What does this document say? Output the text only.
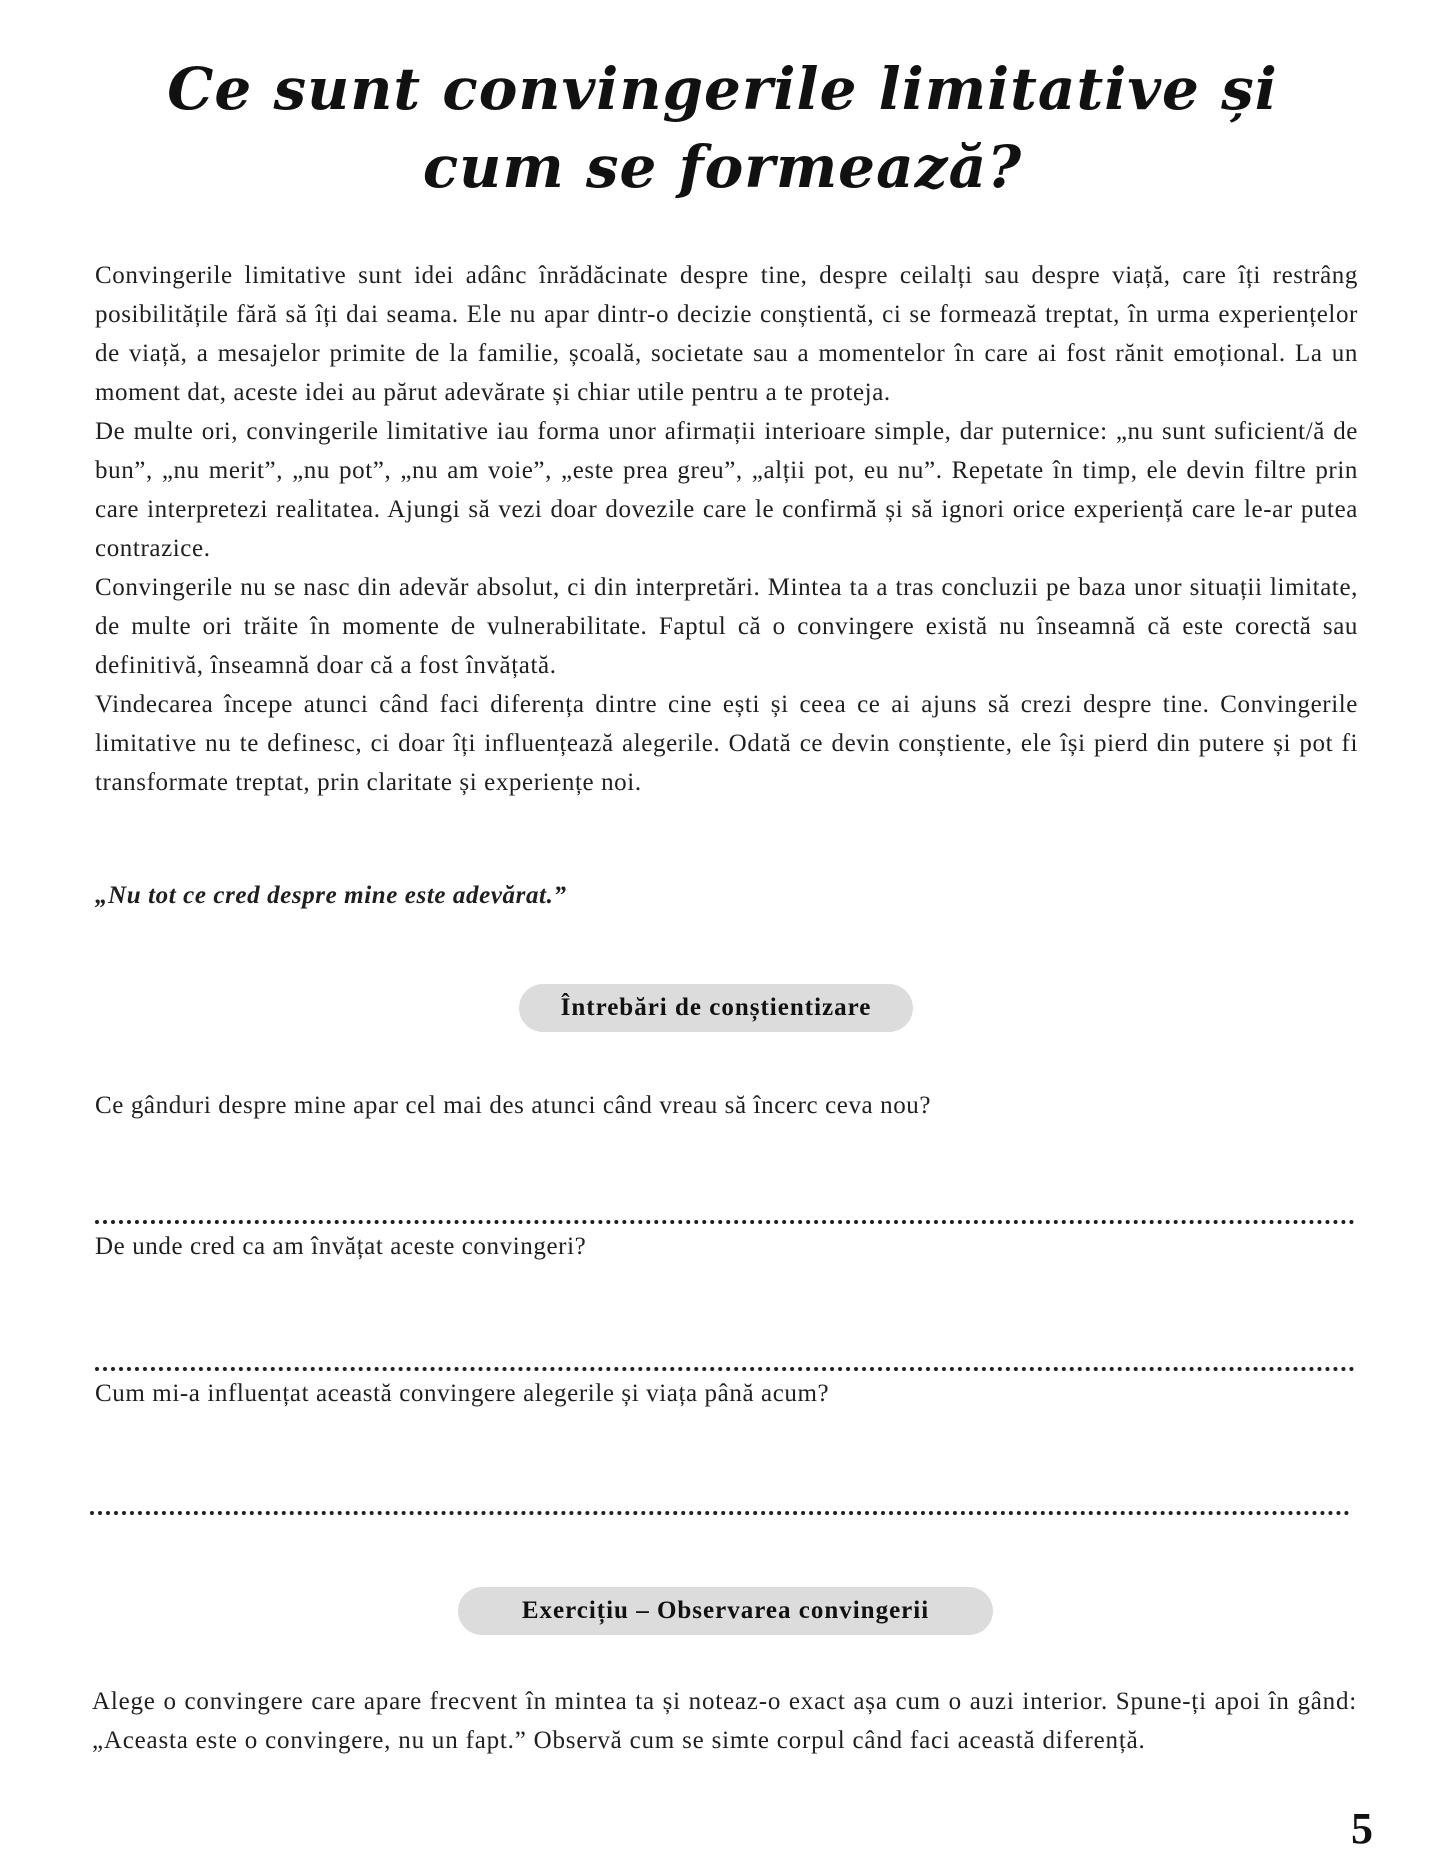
Ce sunt convingerile limitative și cum se formează?

Convingerile limitative sunt idei adânc înrădăcinate despre tine, despre ceilalți sau despre viață, care îți restrâng posibilitățile fără să îți dai seama. Ele nu apar dintr-o decizie conștientă, ci se formează treptat, în urma experiențelor de viață, a mesajelor primite de la familie, școală, societate sau a momentelor în care ai fost rănit emoțional. La un moment dat, aceste idei au părut adevărate și chiar utile pentru a te proteja.

De multe ori, convingerile limitative iau forma unor afirmații interioare simple, dar puternice: „nu sunt suficient/ă de bun”, „nu merit”, „nu pot”, „nu am voie”, „este prea greu”, „alții pot, eu nu”. Repetate în timp, ele devin filtre prin care interpretezi realitatea. Ajungi să vezi doar dovezile care le confirmă și să ignori orice experiență care le-ar putea contrazice.

Convingerile nu se nasc din adevăr absolut, ci din interpretări. Mintea ta a tras concluzii pe baza unor situații limitate, de multe ori trăite în momente de vulnerabilitate. Faptul că o convingere există nu înseamnă că este corectă sau definitivă, înseamnă doar că a fost învățată.

Vindecarea începe atunci când faci diferența dintre cine ești și ceea ce ai ajuns să crezi despre tine. Convingerile limitative nu te definesc, ci doar îți influențează alegerile. Odată ce devin conștiente, ele își pierd din putere și pot fi transformate treptat, prin claritate și experiențe noi.

„Nu tot ce cred despre mine este adevărat.”
Întrebări de conștientizare
Ce gânduri despre mine apar cel mai des atunci când vreau să încerc ceva nou?
De unde cred ca am învățat aceste convingeri?
Cum mi-a influențat această convingere alegerile și viața până acum?
Exercițiu – Observarea convingerii
Alege o convingere care apare frecvent în mintea ta și noteaz-o exact așa cum o auzi interior. Spune-ți apoi în gând: „Aceasta este o convingere, nu un fapt.” Observă cum se simte corpul când faci această diferență.
5
